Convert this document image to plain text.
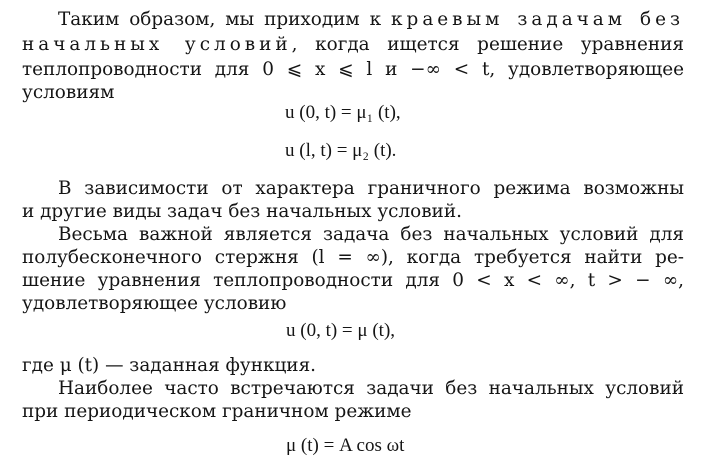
Таким образом, мы приходим к краевым задачам без
начальных условий, когда ищется решение уравнения
теплопроводности для 0 ⩽ x ⩽ l и −∞ < t, удовлетворяющее
условиям
u (0, t) = μ₁ (t),
u (l, t) = μ₂ (t).
В зависимости от характера граничного режима возможны
и другие виды задач без начальных условий.
Весьма важной является задача без начальных условий для
полубесконечного стержня (l = ∞), когда требуется найти ре-
шение уравнения теплопроводности для 0 < x < ∞, t > − ∞,
удовлетворяющее условию
u (0, t) = μ (t),
где μ (t) — заданная функция.
Наиболее часто встречаются задачи без начальных условий
при периодическом граничном режиме
μ (t) = A cos ωt
